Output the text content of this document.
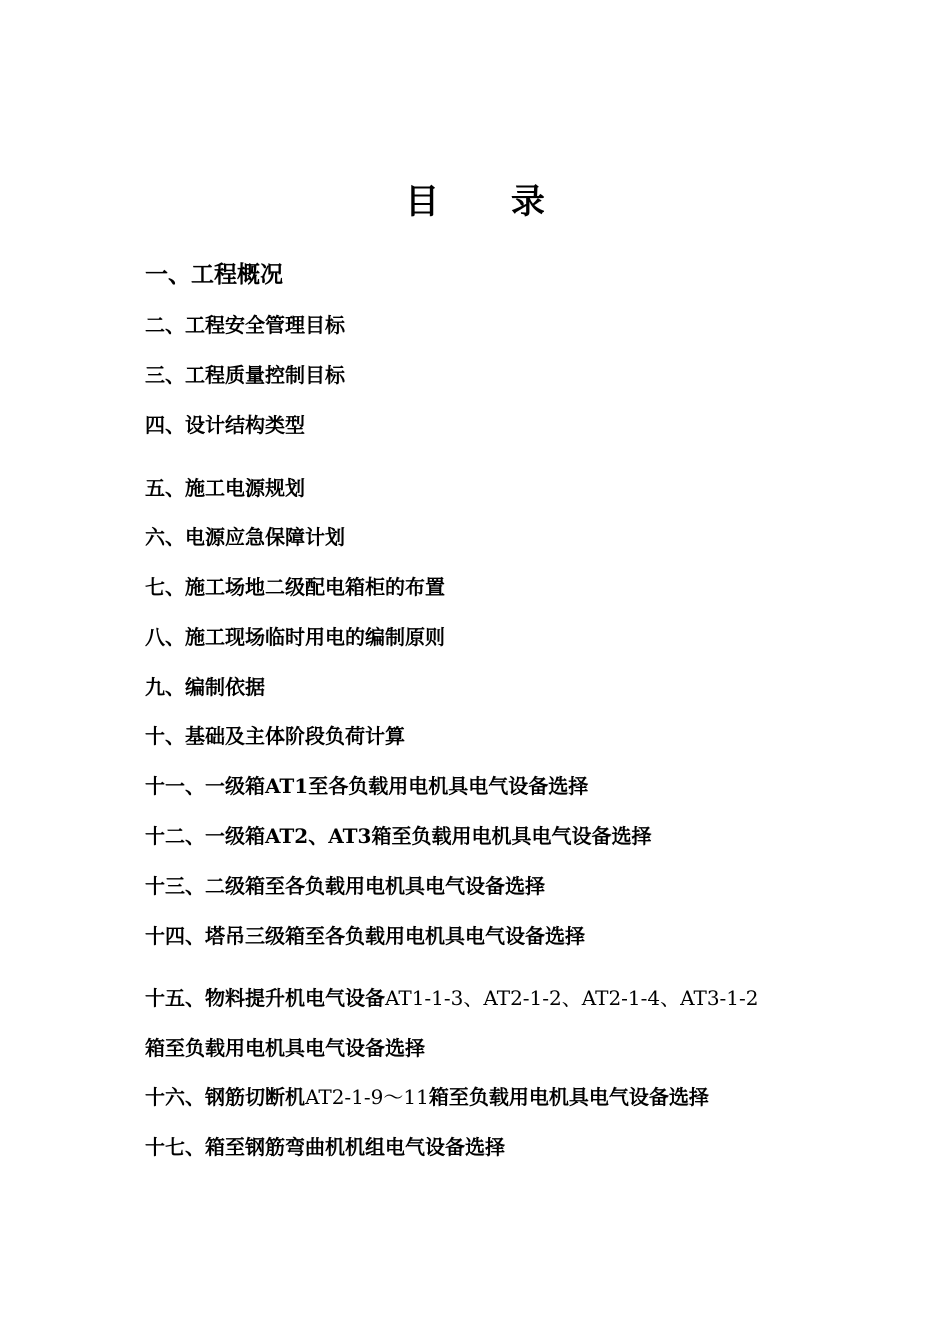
目 录
一、工程概况
二、工程安全管理目标
三、工程质量控制目标
四、设计结构类型
五、施工电源规划
六、电源应急保障计划
七、施工场地二级配电箱柜的布置
八、施工现场临时用电的编制原则
九、编制依据
十、基础及主体阶段负荷计算
十一、一级箱AT1至各负载用电机具电气设备选择
十二、一级箱AT2、AT3箱至负载用电机具电气设备选择
十三、二级箱至各负载用电机具电气设备选择
十四、塔吊三级箱至各负载用电机具电气设备选择
十五、物料提升机电气设备AT1-1-3、AT2-1-2、AT2-1-4、AT3-1-2
箱至负载用电机具电气设备选择
十六、钢筋切断机AT2-1-9～11箱至负载用电机具电气设备选择
十七、箱至钢筋弯曲机机组电气设备选择
